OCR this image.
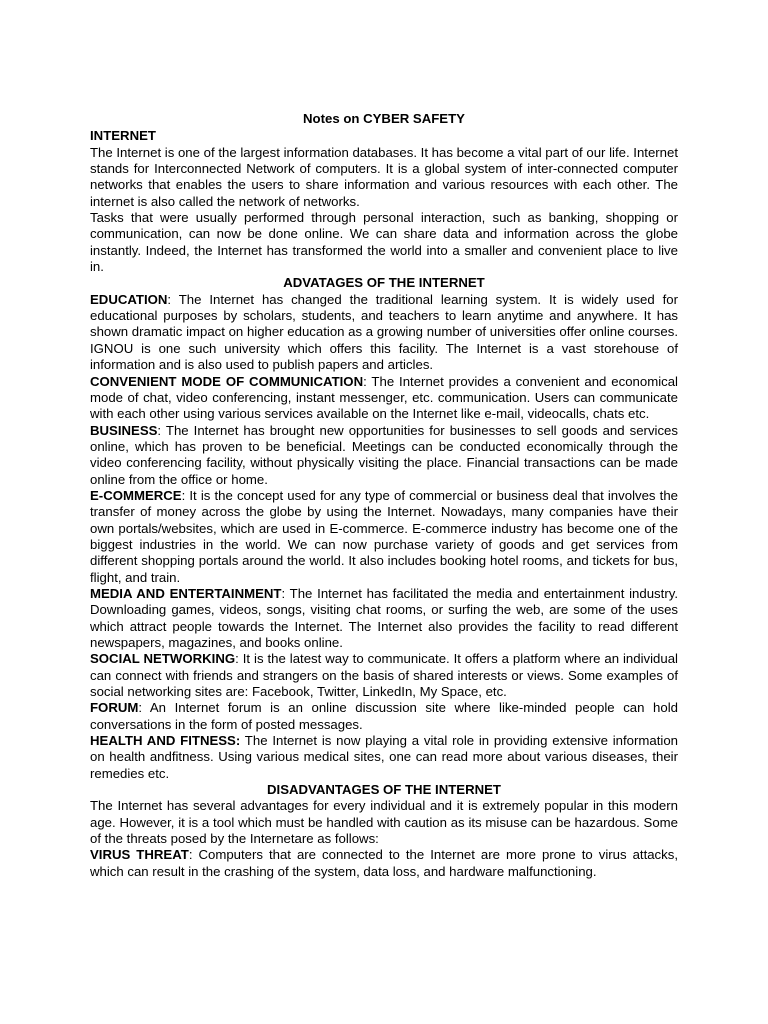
Notes on CYBER SAFETY
INTERNET

The Internet is one of the largest information databases. It has become a vital part of our life. Internet stands for Interconnected Network of computers. It is a global system of inter-connected computer networks that enables the users to share information and various resources with each other. The internet is also called the network of networks.

Tasks that were usually performed through personal interaction, such as banking, shopping or communication, can now be done online. We can share data and information across the globe instantly. Indeed, the Internet has transformed the world into a smaller and convenient place to live in.

ADVATAGES OF THE INTERNET

EDUCATION: The Internet has changed the traditional learning system. It is widely used for educational purposes by scholars, students, and teachers to learn anytime and anywhere. It has shown dramatic impact on higher education as a growing number of universities offer online courses. IGNOU is one such university which offers this facility. The Internet is a vast storehouse of information and is also used to publish papers and articles.

CONVENIENT MODE OF COMMUNICATION: The Internet provides a convenient and economical mode of chat, video conferencing, instant messenger, etc. communication. Users can communicate with each other using various services available on the Internet like e-mail, videocalls, chats etc.

BUSINESS: The Internet has brought new opportunities for businesses to sell goods and services online, which has proven to be beneficial. Meetings can be conducted economically through the video conferencing facility, without physically visiting the place. Financial transactions can be made online from the office or home.

E-COMMERCE: It is the concept used for any type of commercial or business deal that involves the transfer of money across the globe by using the Internet. Nowadays, many companies have their own portals/websites, which are used in E-commerce. E-commerce industry has become one of the biggest industries in the world. We can now purchase variety of goods and get services from different shopping portals around the world. It also includes booking hotel rooms, and tickets for bus, flight, and train.

MEDIA AND ENTERTAINMENT: The Internet has facilitated the media and entertainment industry. Downloading games, videos, songs, visiting chat rooms, or surfing the web, are some of the uses which attract people towards the Internet. The Internet also provides the facility to read different newspapers, magazines, and books online.

SOCIAL NETWORKING: It is the latest way to communicate. It offers a platform where an individual can connect with friends and strangers on the basis of shared interests or views. Some examples of social networking sites are: Facebook, Twitter, LinkedIn, My Space, etc.

FORUM: An Internet forum is an online discussion site where like-minded people can hold conversations in the form of posted messages.

HEALTH AND FITNESS: The Internet is now playing a vital role in providing extensive information on health andfitness. Using various medical sites, one can read more about various diseases, their remedies etc.

DISADVANTAGES OF THE INTERNET

The Internet has several advantages for every individual and it is extremely popular in this modern age. However, it is a tool which must be handled with caution as its misuse can be hazardous. Some of the threats posed by the Internetare as follows:

VIRUS THREAT: Computers that are connected to the Internet are more prone to virus attacks, which can result in the crashing of the system, data loss, and hardware malfunctioning.
